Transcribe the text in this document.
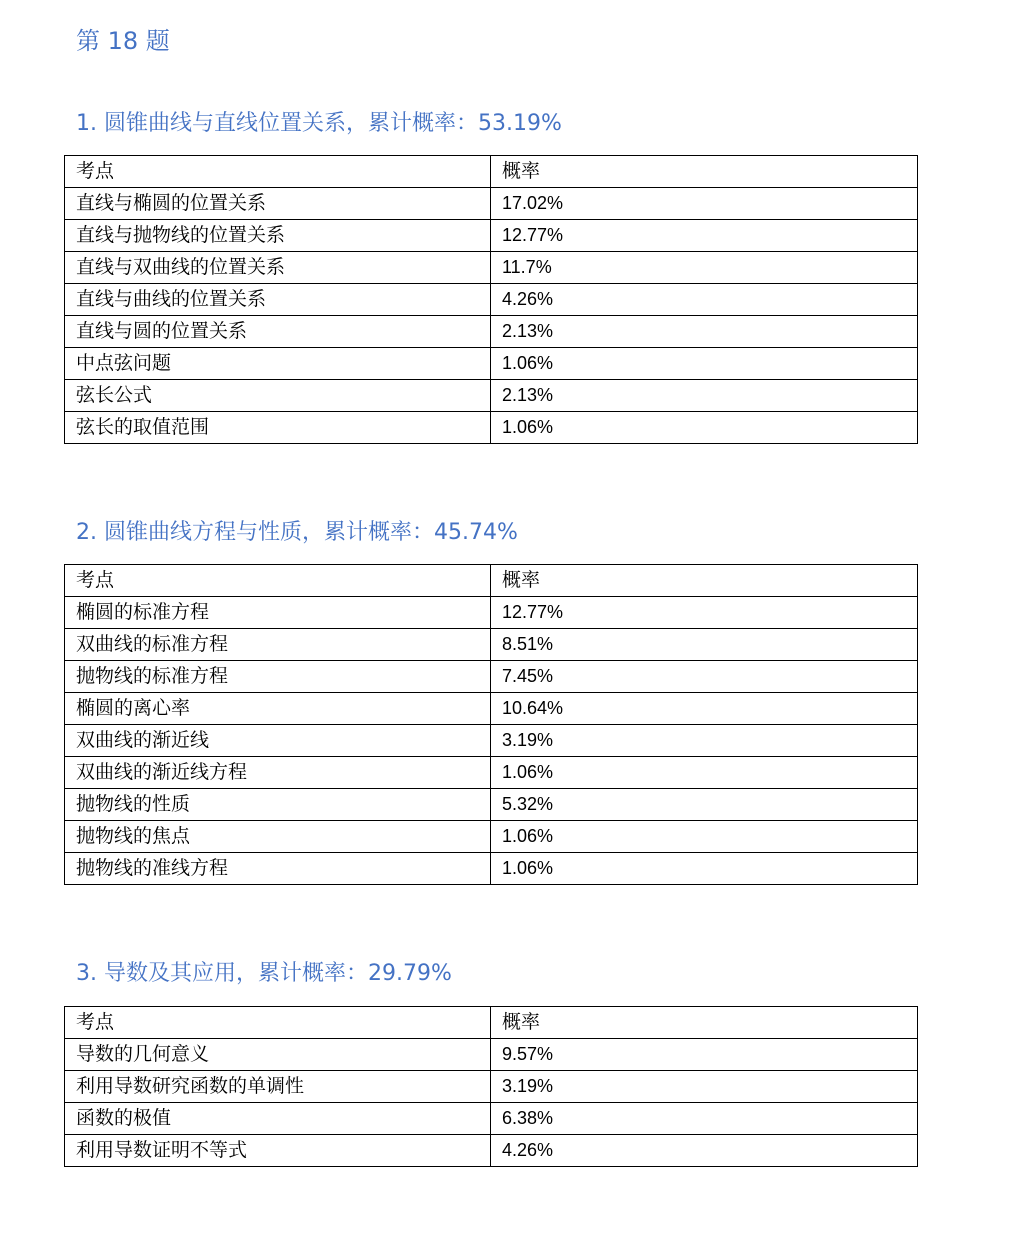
第 18 题
1. 圆锥曲线与直线位置关系，累计概率：53.19%
考点	概率
直线与椭圆的位置关系	17.02%
直线与抛物线的位置关系	12.77%
直线与双曲线的位置关系	11.7%
直线与曲线的位置关系	4.26%
直线与圆的位置关系	2.13%
中点弦问题	1.06%
弦长公式	2.13%
弦长的取值范围	1.06%
2. 圆锥曲线方程与性质，累计概率：45.74%
考点	概率
椭圆的标准方程	12.77%
双曲线的标准方程	8.51%
抛物线的标准方程	7.45%
椭圆的离心率	10.64%
双曲线的渐近线	3.19%
双曲线的渐近线方程	1.06%
抛物线的性质	5.32%
抛物线的焦点	1.06%
抛物线的准线方程	1.06%
3. 导数及其应用，累计概率：29.79%
考点	概率
导数的几何意义	9.57%
利用导数研究函数的单调性	3.19%
函数的极值	6.38%
利用导数证明不等式	4.26%
